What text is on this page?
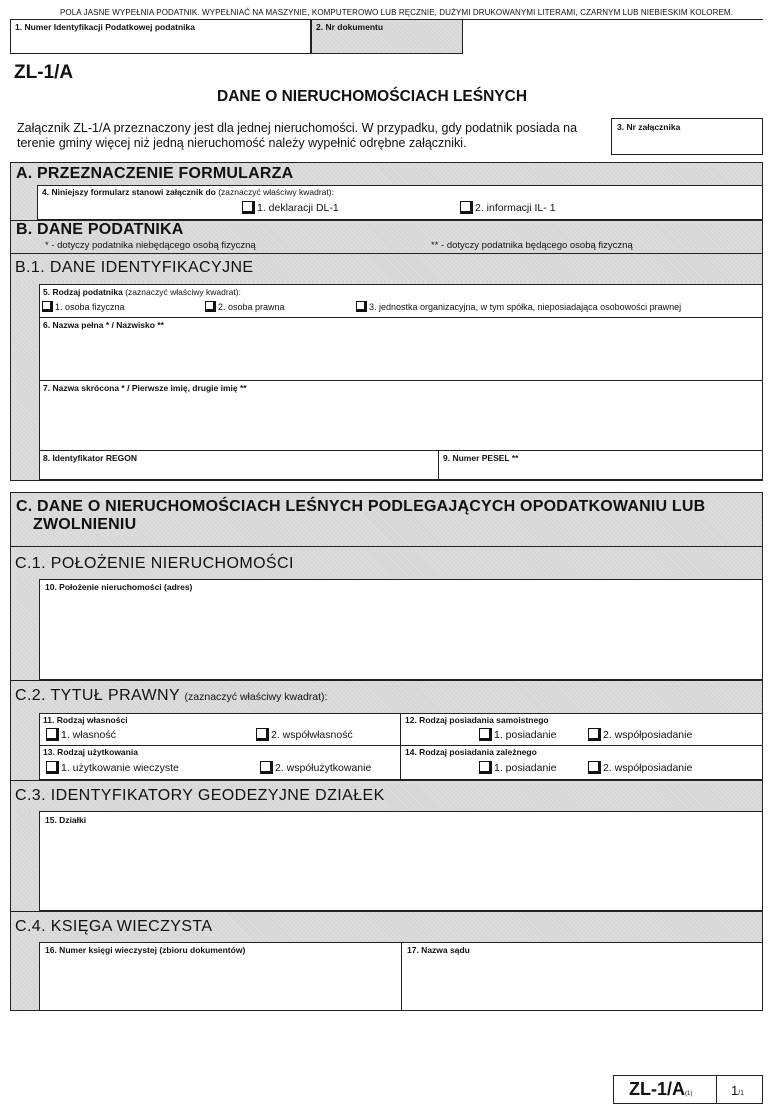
POLA JASNE WYPEŁNIA PODATNIK. WYPEŁNIAĆ NA MASZYNIE, KOMPUTEROWO LUB RĘCZNIE, DUŻYMI DRUKOWANYMI LITERAMI, CZARNYM LUB NIEBIESKIM KOLOREM.
1. Numer Identyfikacji Podatkowej podatnika	2. Nr dokumentu
ZL-1/A
DANE O NIERUCHOMOŚCIACH LEŚNYCH
Załącznik ZL-1/A przeznaczony jest dla jednej nieruchomości. W przypadku, gdy podatnik posiada na
terenie gminy więcej niż jedną nieruchomość należy wypełnić odrębne załączniki.
3. Nr załącznika
A. PRZEZNACZENIE FORMULARZA
4. Niniejszy formularz stanowi załącznik do (zaznaczyć właściwy kwadrat):
1. deklaracji DL-1	2. informacji IL- 1
B. DANE PODATNIKA
* - dotyczy podatnika niebędącego osobą fizyczną	** - dotyczy podatnika będącego osobą fizyczną
B.1. DANE IDENTYFIKACYJNE
5. Rodzaj podatnika (zaznaczyć właściwy kwadrat):
1. osoba fizyczna	2. osoba prawna	3. jednostka organizacyjna, w tym spółka, nieposiadająca osobowości prawnej
6. Nazwa pełna * / Nazwisko **
7. Nazwa skrócona * / Pierwsze imię, drugie imię **
8. Identyfikator REGON	9. Numer PESEL **
C. DANE O NIERUCHOMOŚCIACH LEŚNYCH PODLEGAJĄCYCH OPODATKOWANIU LUB
ZWOLNIENIU
C.1. POŁOŻENIE NIERUCHOMOŚCI
10. Położenie nieruchomości (adres)
C.2. TYTUŁ PRAWNY (zaznaczyć właściwy kwadrat):
11. Rodzaj własności
1. własność	2. współwłasność
12. Rodzaj posiadania samoistnego
1. posiadanie	2. współposiadanie
13. Rodzaj użytkowania
1. użytkowanie wieczyste	2. współużytkowanie
14. Rodzaj posiadania zależnego
1. posiadanie	2. współposiadanie
C.3. IDENTYFIKATORY GEODEZYJNE DZIAŁEK
15. Działki
C.4. KSIĘGA WIECZYSTA
16. Numer księgi wieczystej (zbioru dokumentów)	17. Nazwa sądu
ZL-1/A(1)	1/1
